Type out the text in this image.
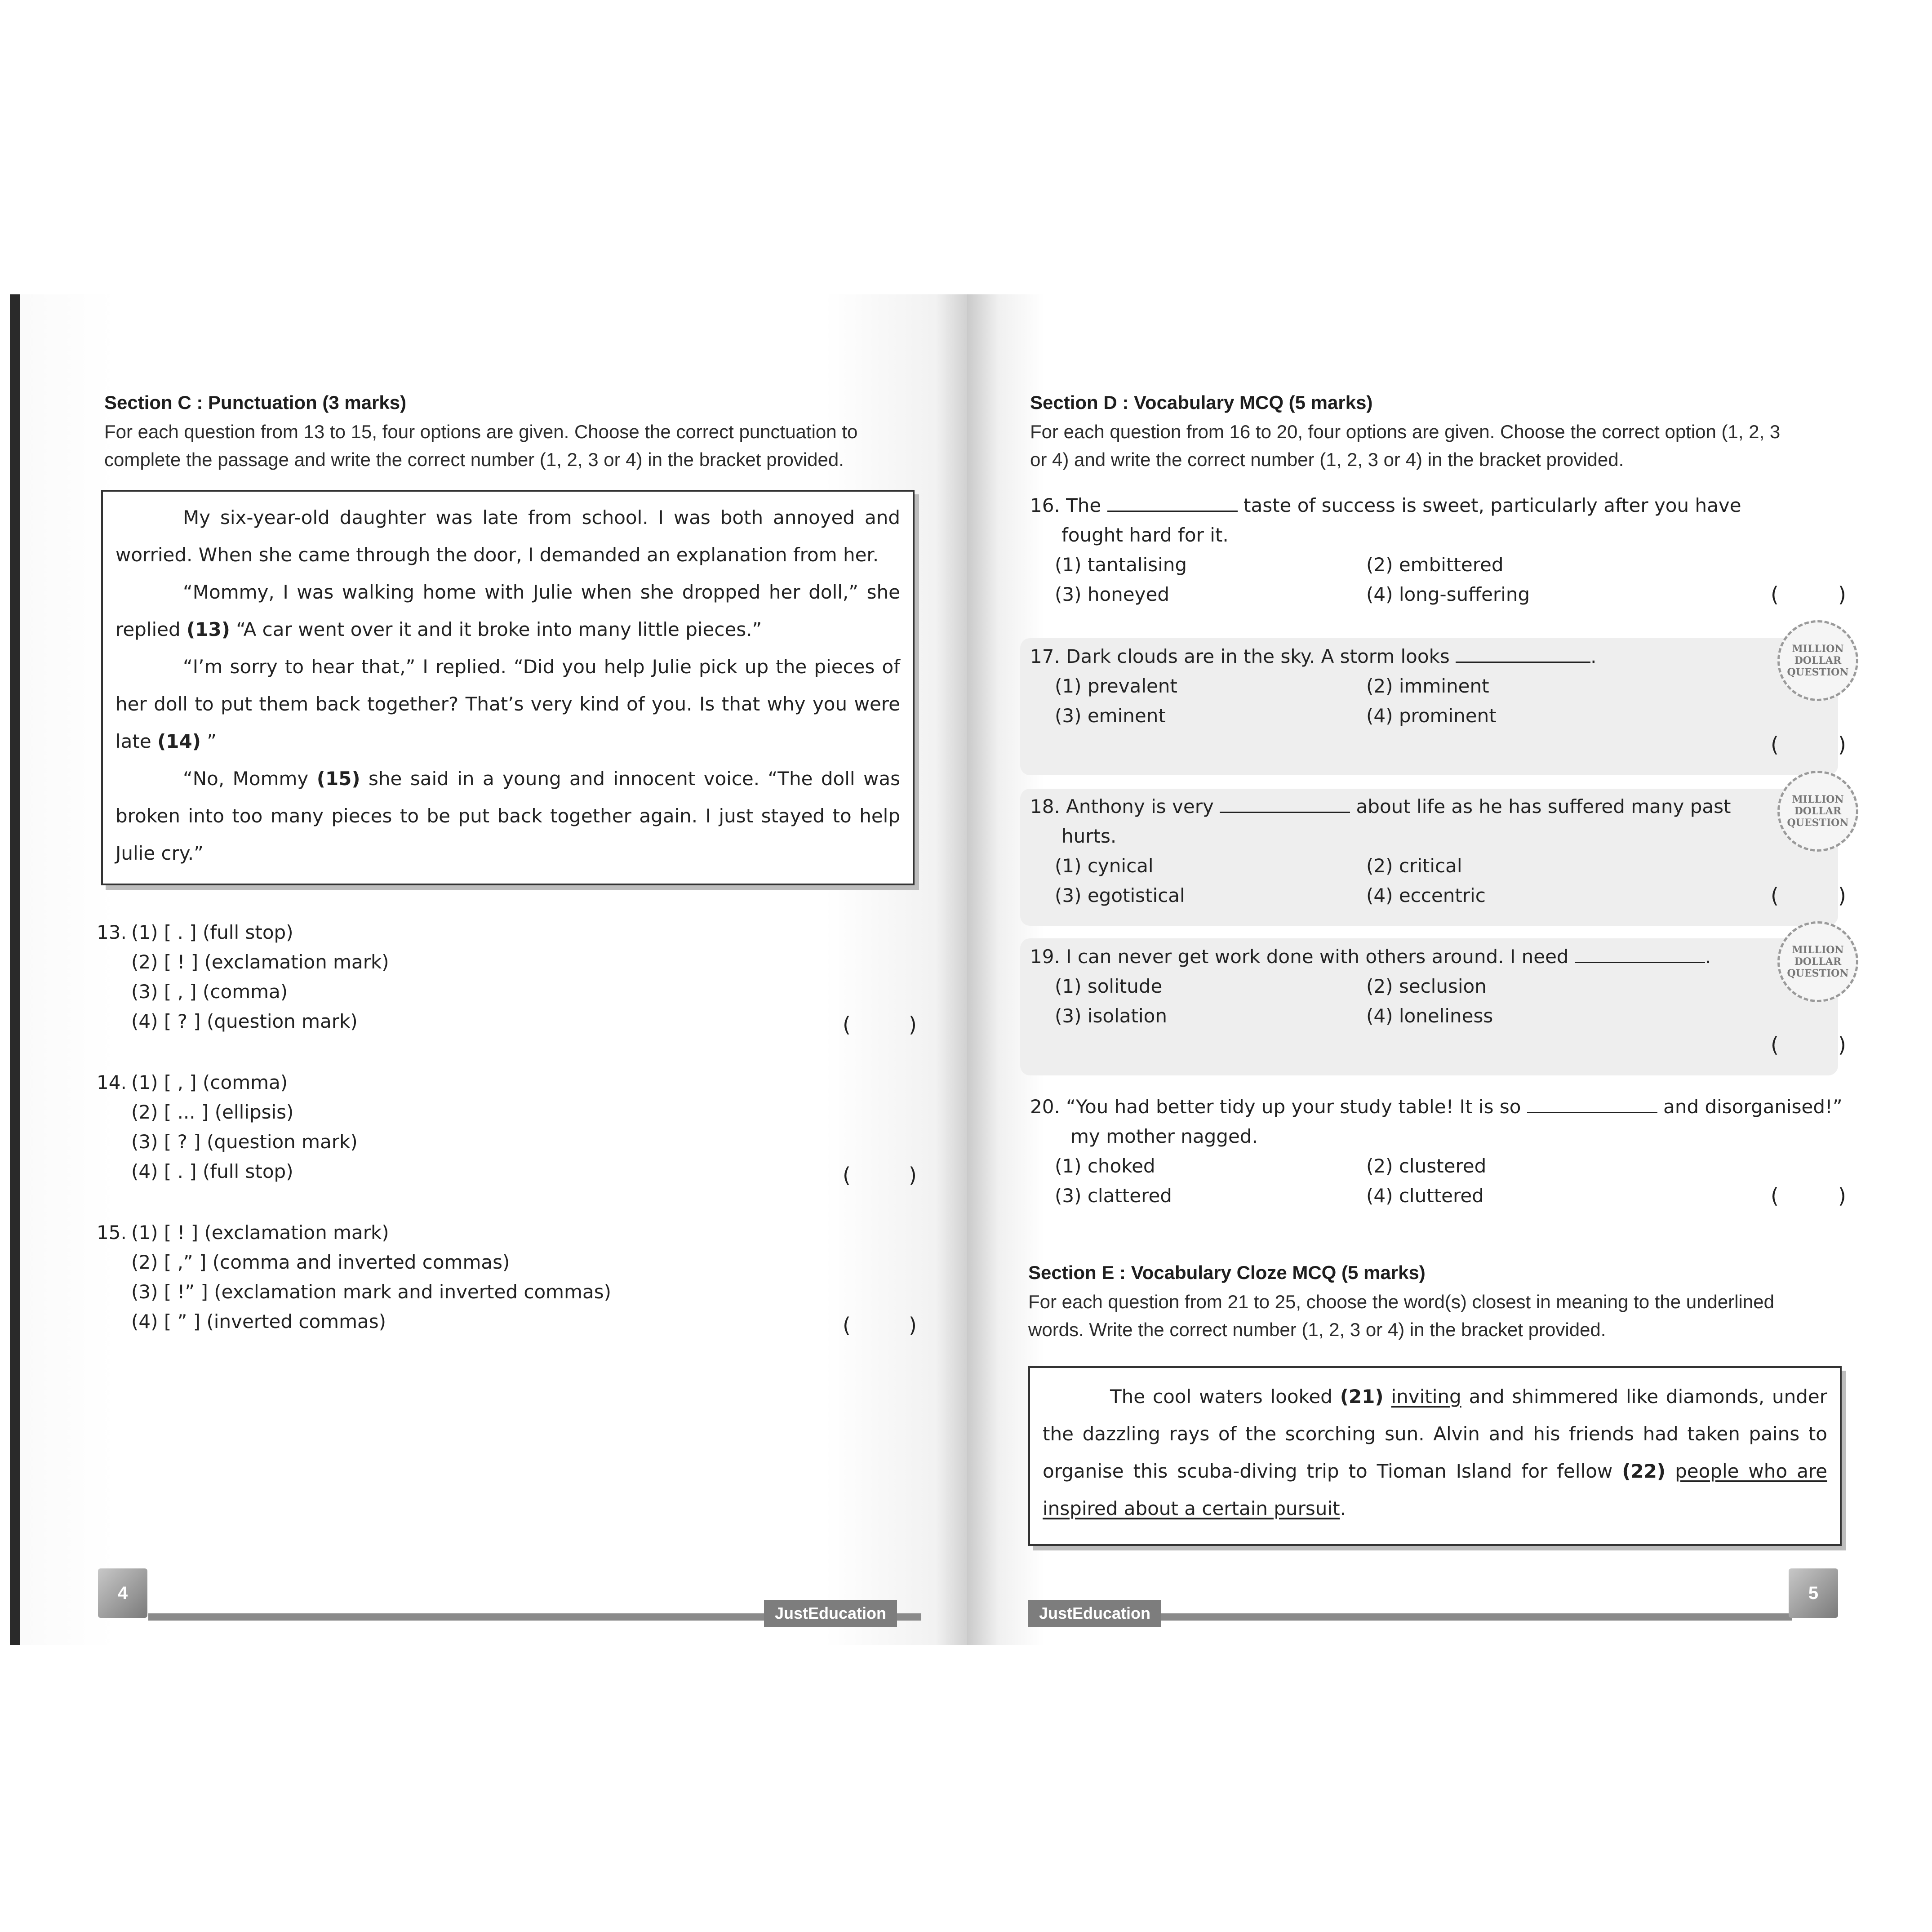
Section C : Punctuation (3 marks)
For each question from 13 to 15, four options are given. Choose the correct punctuation to
complete the passage and write the correct number (1, 2, 3 or 4) in the bracket provided.

My six-year-old daughter was late from school. I was both annoyed and worried. When she came through the door, I demanded an explanation from her.

“Mommy, I was walking home with Julie when she dropped her doll,” she replied (13) “A car went over it and it broke into many little pieces.”

“I’m sorry to hear that,” I replied. “Did you help Julie pick up the pieces of her doll to put them back together? That’s very kind of you. Is that why you were late (14) ”

“No, Mommy (15) she said in a young and innocent voice. “The doll was broken into too many pieces to be put back together again. I just stayed to help Julie cry.”

13. (1) [ . ] (full stop)
(2) [ ! ] (exclamation mark)
(3) [ , ] (comma)
(4) [ ? ] (question mark)	(	)
14. (1) [ , ] (comma)
(2) [ ... ] (ellipsis)
(3) [ ? ] (question mark)
(4) [ . ] (full stop)	(	)
15. (1) [ ! ] (exclamation mark)
(2) [ ,” ] (comma and inverted commas)
(3) [ !” ] (exclamation mark and inverted commas)
(4) [ ” ] (inverted commas)	(	)
4
JustEducation
Section D : Vocabulary MCQ (5 marks)
For each question from 16 to 20, four options are given. Choose the correct option (1, 2, 3
or 4) and write the correct number (1, 2, 3 or 4) in the bracket provided.
16. The	taste of success is sweet, particularly after you have
fought hard for it.
(1) tantalising	(2) embittered
(3) honeyed	(4) long-suffering	(	)
MILLION DOLLAR
QUESTION
17. Dark clouds are in the sky. A storm looks	.
(1) prevalent	(2) imminent
(3) eminent	(4) prominent
(	)
MILLION DOLLAR
QUESTION
18. Anthony is very	about life as he has suffered many past
hurts.
(1) cynical	(2) critical
(3) egotistical	(4) eccentric	(	)
MILLION DOLLAR
QUESTION
19. I can never get work done with others around. I need	.
(1) solitude	(2) seclusion
(3) isolation	(4) loneliness
(	)
20. “You had better tidy up your study table! It is so	and disorganised!”
my mother nagged.
(1) choked	(2) clustered
(3) clattered	(4) cluttered	(	)
Section E : Vocabulary Cloze MCQ (5 marks)
For each question from 21 to 25, choose the word(s) closest in meaning to the underlined
words. Write the correct number (1, 2, 3 or 4) in the bracket provided.

The cool waters looked (21) inviting and shimmered like diamonds, under the dazzling rays of the scorching sun. Alvin and his friends had taken pains to organise this scuba-diving trip to Tioman Island for fellow (22) people who are inspired about a certain pursuit.

JustEducation
5
